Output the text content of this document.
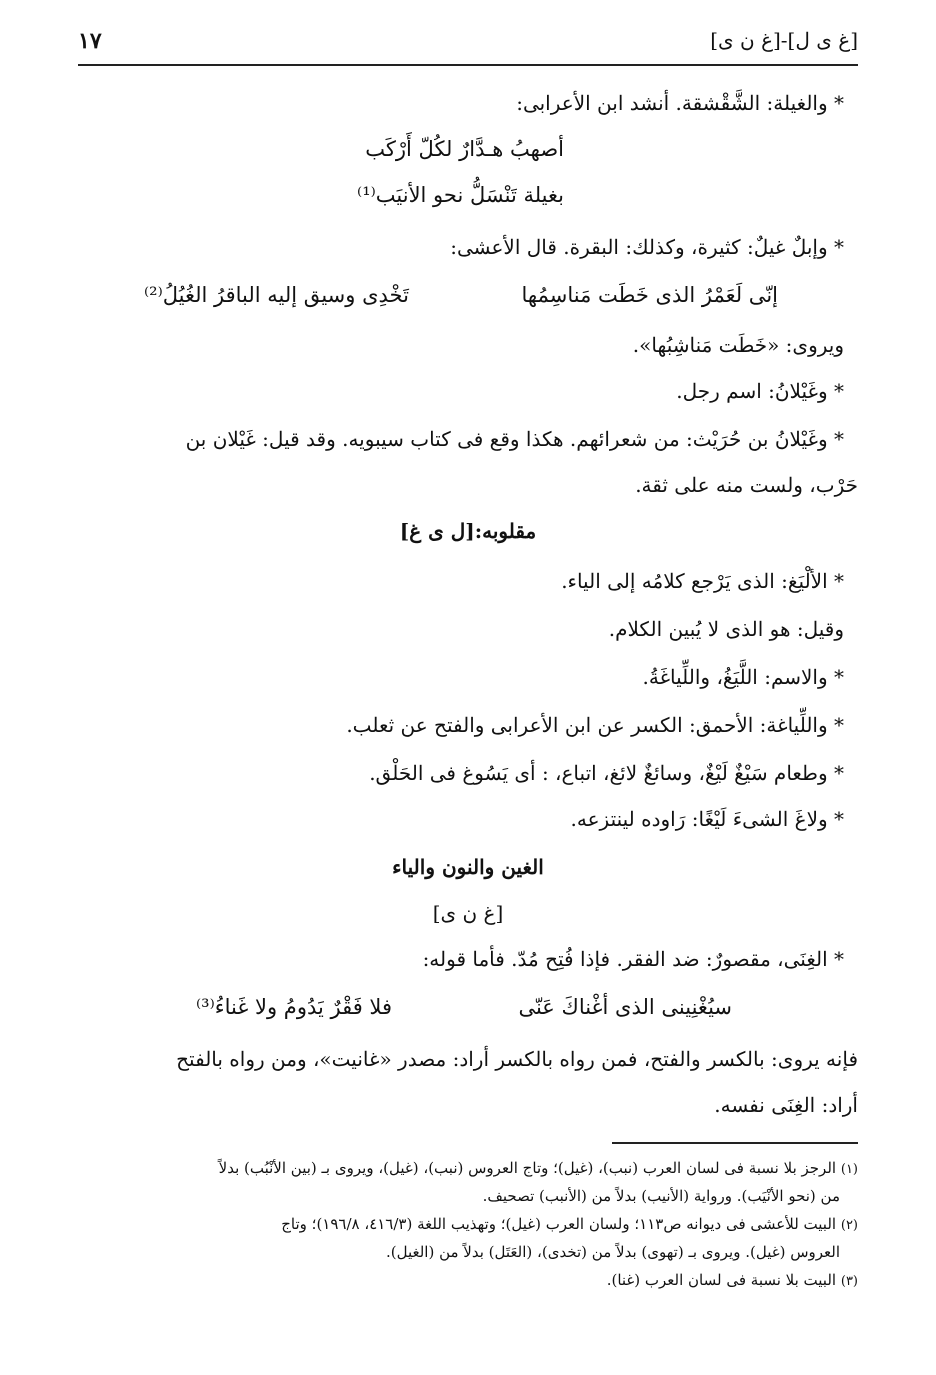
[غ ى ل]-[غ ن ى]
١٧
* والغيلة: الشَّقْشقة. أنشد ابن الأعرابى:
أصهبُ هـدَّارٌ لكُلّ أَرْكَب
بغيلة تَنْسَلُّ نحو الأنيَب⁽¹⁾
* وإبلٌ غيلٌ: كثيرة، وكذلك: البقرة. قال الأعشى:
إنّى لَعَمْرُ الذى خَطَت مَناسِمُها
تَخْدِى وسيق إليه الباقرُ الغُيُلُ⁽²⁾
ويروى: «خَطَت مَناشِبُها».
* وغَيْلانُ: اسم رجل.
* وغَيْلانُ بن حُرَيْث: من شعرائهم. هكذا وقع فى كتاب سيبويه. وقد قيل: غَيْلان بن
حَرْب، ولست منه على ثقة.
مقلوبه:[ل ى غ]
* الألْيَغ: الذى يَرْجع كلامُه إلى الياء.
وقيل: هو الذى لا يُبين الكلام.
* والاسم: اللَّيَغُ، واللِّياغَةُ.
* واللِّياغة: الأحمق: الكسر عن ابن الأعرابى والفتح عن ثعلب.
* وطعام سَيْغٌ لَيْغٌ، وسائغٌ لائغ، اتباع، : أى يَسُوغ فى الحَلْق.
* ولاغَ الشىءَ لَيْغًا: رَاوده لينتزعه.
الغين والنون والياء
[غ ن ى]
* الغِنَى، مقصورٌ: ضد الفقر. فإذا فُتِح مُدّ. فأما قوله:
سيُغْنِينى الذى أغْناكَ عَنّى
فلا فَقْرٌ يَدُومُ ولا غَناءُ⁽³⁾
فإنه يروى: بالكسر والفتح، فمن رواه بالكسر أراد: مصدر «غانيت»، ومن رواه بالفتح
أراد: الغِنَى نفسه.
(١) الرجز بلا نسبة فى لسان العرب (نبب)، (غيل)؛ وتاج العروس (نبب)، (غيل)، ويروى بـ (بين الأنْبُب) بدلاً
من (نحو الأنْيَب). ورواية (الأنيب) بدلاً من (الأنبب) تصحيف.
(٢) البيت للأعشى فى ديوانه ص١١٣؛ ولسان العرب (غيل)؛ وتهذيب اللغة (٤١٦/٣، ١٩٦/٨)؛ وتاج
العروس (غيل). ويروى بـ (تهوى) بدلاً من (تخدى)، (العَتَل) بدلاً من (الغيل).
(٣) البيت بلا نسبة فى لسان العرب (غنا).
